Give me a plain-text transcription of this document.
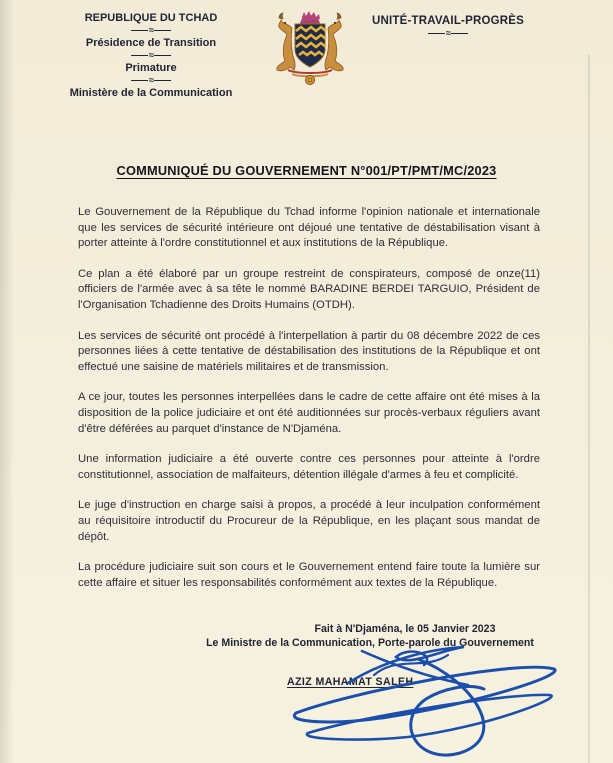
REPUBLIQUE DU TCHAD
≈
Présidence de Transition
≈
Primature
≈
Ministère de la Communication
UNITÉ-TRAVAIL-PROGRÈS
≈
COMMUNIQUÉ DU GOUVERNEMENT N°001/PT/PMT/MC/2023

Le Gouvernement de la République du Tchad informe l'opinion nationale et internationale que les services de sécurité intérieure ont déjoué une tentative de déstabilisation visant à porter atteinte à l'ordre constitutionnel et aux institutions de la République.

Ce plan a été élaboré par un groupe restreint de conspirateurs, composé de onze(11) officiers de l'armée avec à sa tête le nommé BARADINE BERDEI TARGUIO, Président de l'Organisation Tchadienne des Droits Humains (OTDH).

Les services de sécurité ont procédé à l'interpellation à partir du 08 décembre 2022 de ces personnes liées à cette tentative de déstabilisation des institutions de la République et ont effectué une saisine de matériels militaires et de transmission.

A ce jour, toutes les personnes interpellées dans le cadre de cette affaire ont été mises à la disposition de la police judiciaire et ont été auditionnées sur procès-verbaux réguliers avant d'être déférées au parquet d'instance de N'Djaména.

Une information judiciaire a été ouverte contre ces personnes pour atteinte à l'ordre constitutionnel, association de malfaiteurs, détention illégale d'armes à feu et complicité.

Le juge d'instruction en charge saisi à propos, a procédé à leur inculpation conformément au réquisitoire introductif du Procureur de la République, en les plaçant sous mandat de dépôt.

La procédure judiciaire suit son cours et le Gouvernement entend faire toute la lumière sur cette affaire et situer les responsabilités conformément aux textes de la République.

Fait à N'Djaména, le 05 Janvier 2023
Le Ministre de la Communication, Porte-parole du Gouvernement
AZIZ MAHAMAT SALEH
